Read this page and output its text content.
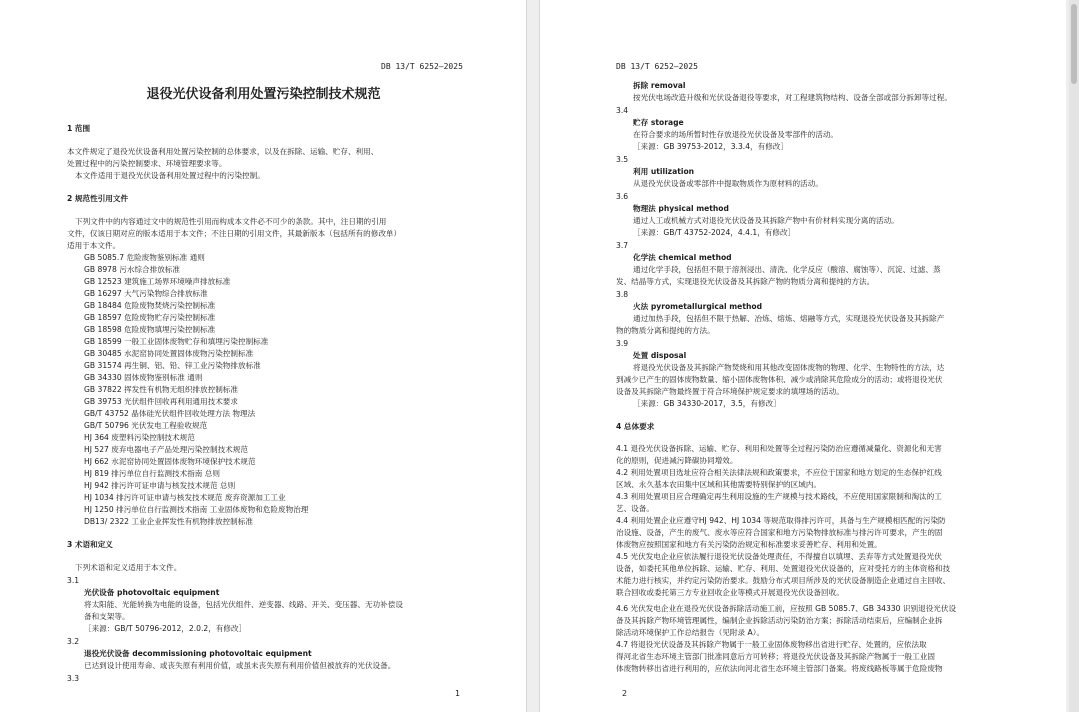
DB 13/T 6252—2025
退役光伏设备利用处置污染控制技术规范
1 范围
本文件规定了退役光伏设备利用处置污染控制的总体要求，以及在拆除、运输、贮存、利用、
处置过程中的污染控制要求、环境管理要求等。
本文件适用于退役光伏设备利用处置过程中的污染控制。
2 规范性引用文件
下列文件中的内容通过文中的规范性引用而构成本文件必不可少的条款。其中，注日期的引用
文件，仅该日期对应的版本适用于本文件；不注日期的引用文件，其最新版本（包括所有的修改单）
适用于本文件。
GB 5085.7 危险废物鉴别标准 通则
GB 8978 污水综合排放标准
GB 12523 建筑施工场界环境噪声排放标准
GB 16297 大气污染物综合排放标准
GB 18484 危险废物焚烧污染控制标准
GB 18597 危险废物贮存污染控制标准
GB 18598 危险废物填埋污染控制标准
GB 18599 一般工业固体废物贮存和填埋污染控制标准
GB 30485 水泥窑协同处置固体废物污染控制标准
GB 31574 再生铜、铝、铅、锌工业污染物排放标准
GB 34330 固体废物鉴别标准 通则
GB 37822 挥发性有机物无组织排放控制标准
GB 39753 光伏组件回收再利用通用技术要求
GB/T 43752 晶体硅光伏组件回收处理方法 物理法
GB/T 50796 光伏发电工程验收规范
HJ 364 废塑料污染控制技术规范
HJ 527 废弃电器电子产品处理污染控制技术规范
HJ 662 水泥窑协同处置固体废物环境保护技术规范
HJ 819 排污单位自行监测技术指南 总则
HJ 942 排污许可证申请与核发技术规范 总则
HJ 1034 排污许可证申请与核发技术规范 废弃资源加工工业
HJ 1250 排污单位自行监测技术指南 工业固体废物和危险废物治理
DB13/ 2322 工业企业挥发性有机物排放控制标准
3 术语和定义
下列术语和定义适用于本文件。
3.1
光伏设备 photovoltaic equipment
将太阳能、光能转换为电能的设备，包括光伏组件、逆变器、线路、开关、变压器、无功补偿设
备和支架等。
［来源：GB/T 50796-2012，2.0.2，有修改］
3.2
退役光伏设备 decommissioning photovoltaic equipment
已达到设计使用寿命、或丧失原有利用价值，或虽未丧失原有利用价值但被放弃的光伏设备。
3.3
1
DB 13/T 6252—2025
拆除 removal
按光伏电场改造升级和光伏设备退役等要求，对工程建筑物结构、设备全部或部分拆卸等过程。
3.4
贮存 storage
在符合要求的场所暂时性存放退役光伏设备及零部件的活动。
［来源：GB 39753-2012，3.3.4，有修改］
3.5
利用 utilization
从退役光伏设备或零部件中提取物质作为原材料的活动。
3.6
物理法 physical method
通过人工或机械方式对退役光伏设备及其拆除产物中有价材料实现分离的活动。
［来源：GB/T 43752-2024，4.4.1，有修改］
3.7
化学法 chemical method
通过化学手段，包括但不限于溶剂浸出、清洗、化学反应（酸溶、腐蚀等）、沉淀、过滤、蒸
发、结晶等方式，实现退役光伏设备及其拆除产物的物质分离和提纯的方法。
3.8
火法 pyrometallurgical method
通过加热手段，包括但不限于热解、冶炼、熔炼、熔融等方式，实现退役光伏设备及其拆除产
物的物质分离和提纯的方法。
3.9
处置 disposal
将退役光伏设备及其拆除产物焚烧和用其他改变固体废物的物理、化学、生物特性的方法，达
到减少已产生的固体废物数量、缩小固体废物体积、减少或消除其危险成分的活动；或将退役光伏
设备及其拆除产物最终置于符合环境保护规定要求的填埋场的活动。
［来源：GB 34330-2017，3.5，有修改］
4 总体要求
4.1 退役光伏设备拆除、运输、贮存、利用和处置等全过程污染防治应遵循减量化、资源化和无害
化的原则，促进减污降碳协同增效。
4.2 利用处置项目选址应符合相关法律法规和政策要求，不应位于国家和地方划定的生态保护红线
区域、永久基本农田集中区域和其他需要特别保护的区域内。
4.3 利用处置项目应合理确定再生利用设施的生产规模与技术路线，不应使用国家限制和淘汰的工
艺、设备。
4.4 利用处置企业应遵守HJ 942、HJ 1034 等规范取得排污许可，具备与生产规模相匹配的污染防
治设施、设备，产生的废气、废水等应符合国家和地方污染物排放标准与排污许可要求，产生的固
体废物应按照国家和地方有关污染防治规定和标准要求妥善贮存、利用和处置。
4.5 光伏发电企业应依法履行退役光伏设备处理责任，不得擅自以填埋、丢弃等方式处置退役光伏
设备，如委托其他单位拆除、运输、贮存、利用、处置退役光伏设备的，应对受托方的主体资格和技
术能力进行核实，并约定污染防治要求。鼓励分布式项目所涉及的光伏设备制造企业通过自主回收、
联合回收或委托第三方专业回收企业等模式开展退役光伏设备回收。
4.6 光伏发电企业在退役光伏设备拆除活动施工前，应按照 GB 5085.7、GB 34330 识别退役光伏设
备及其拆除产物环境管理属性，编制企业拆除活动污染防治方案；拆除活动结束后，应编制企业拆
除活动环境保护工作总结报告（见附录 A）。
4.7 将退役光伏设备及其拆除产物属于一般工业固体废物移出省进行贮存、处置的，应依法取
得河北省生态环境主管部门批准同意后方可转移；将退役光伏设备及其拆除产物属于一般工业固
体废物转移出省进行利用的，应依法向河北省生态环境主管部门备案。将废线路板等属于危险废物
2
